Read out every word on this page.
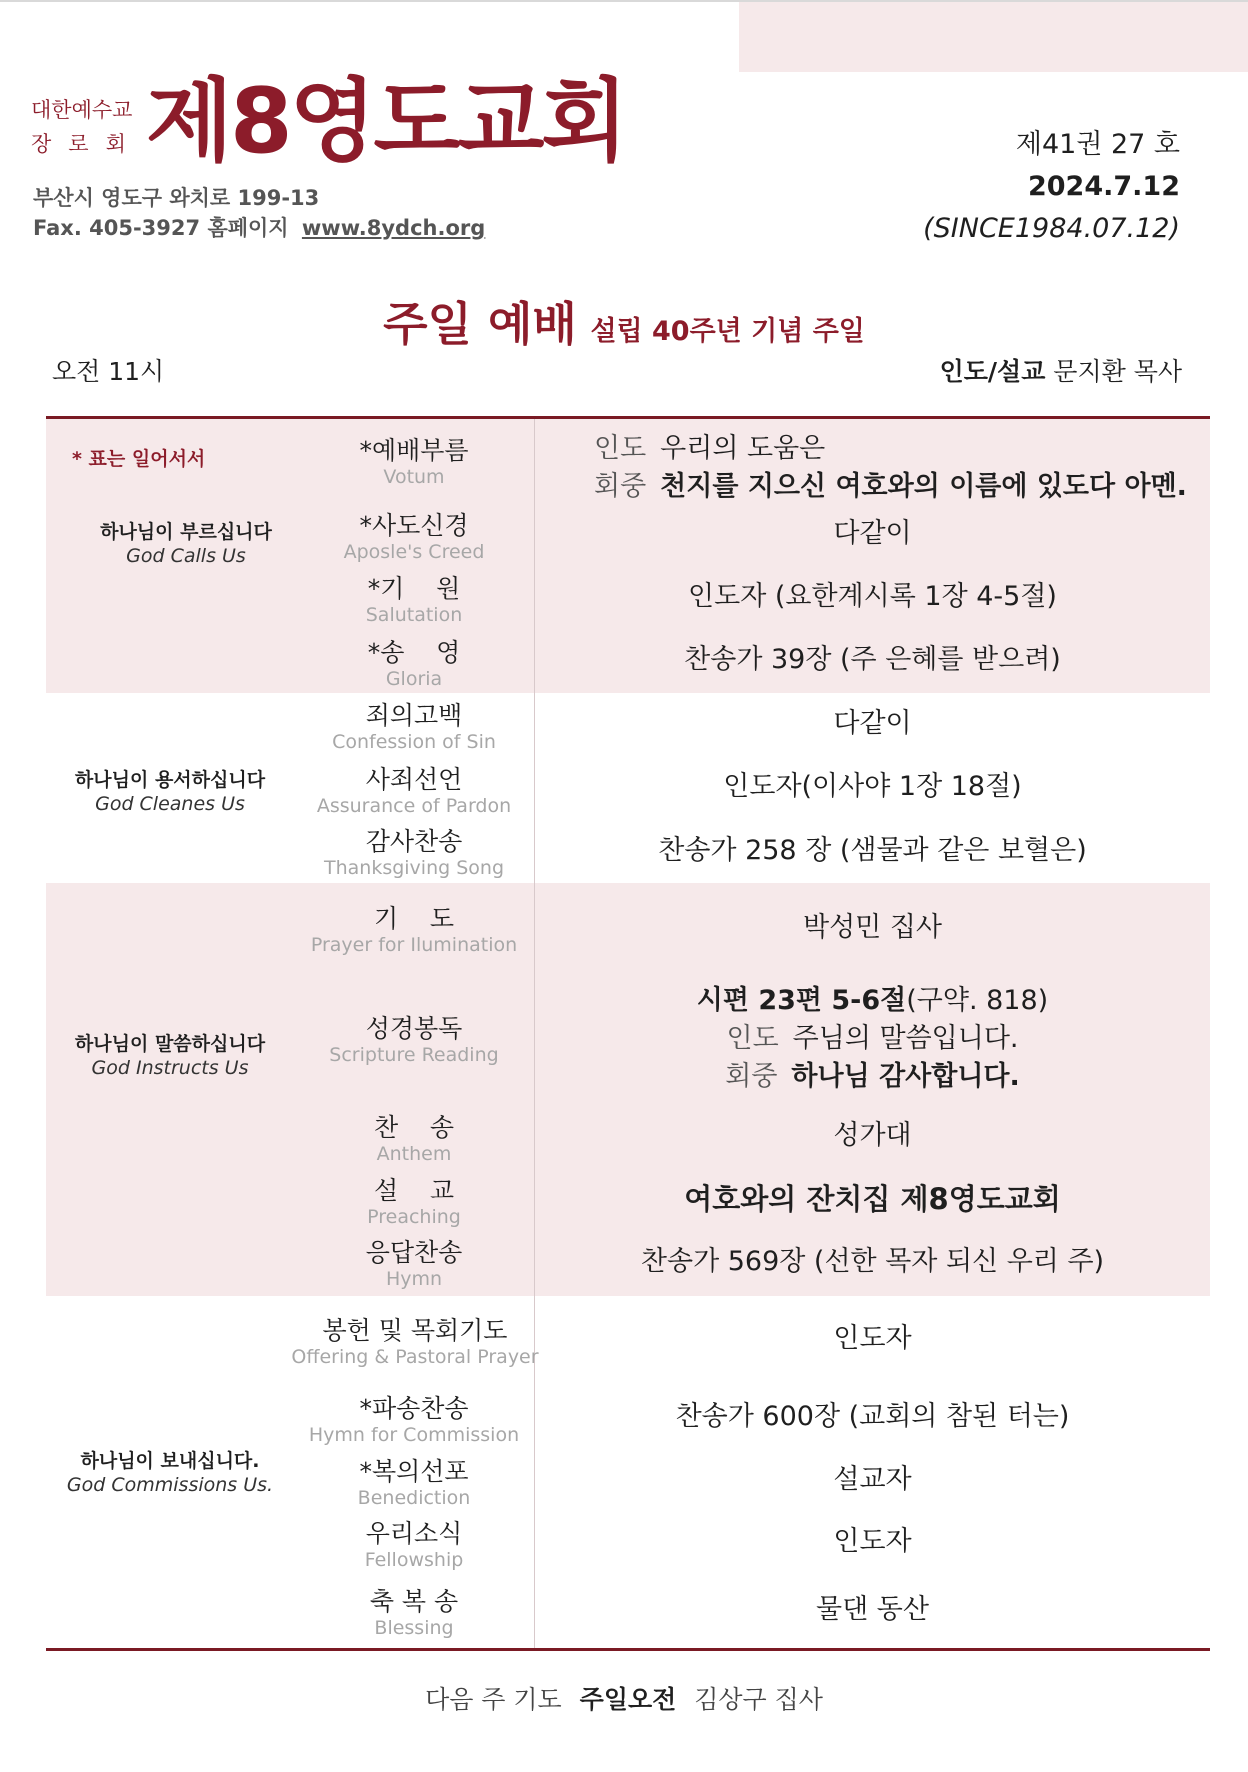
대한예수교
장로회 제8영도교회
부산시 영도구 와치로 199-13
Fax. 405-3927 홈페이지 www.8ydch.org
제41권 27 호
2024.7.12
(SINCE1984.07.12)
주일 예배 설립 40주년 기념 주일
오전 11시	인도/설교 문지환 목사
* 표는 일어서서
하나님이 부르십니다
God Calls Us
하나님이 용서하십니다
God Cleanes Us
하나님이 말씀하십니다
God Instructs Us
하나님이 보내십니다.
God Commissions Us.
*예배부름
Votum
*사도신경
Aposle's Creed
*기    원
Salutation
*송    영
Gloria
죄의고백
Confession of Sin
사죄선언
Assurance of Pardon
감사찬송
Thanksgiving Song
기    도
Prayer for Ilumination
성경봉독
Scripture Reading
찬    송
Anthem
설    교
Preaching
응답찬송
Hymn
봉헌 및 목회기도
Offering & Pastoral Prayer
*파송찬송
Hymn for Commission
*복의선포
Benediction
우리소식
Fellowship
축 복 송
Blessing
인도 우리의 도움은
회중 천지를 지으신 여호와의 이름에 있도다 아멘.
다같이
인도자 (요한계시록 1장 4-5절)
찬송가 39장 (주 은혜를 받으려)
다같이
인도자(이사야 1장 18절)
찬송가 258 장 (샘물과 같은 보혈은)
박성민 집사
시편 23편 5-6절(구약. 818)
인도 주님의 말씀입니다.
회중 하나님 감사합니다.
성가대
여호와의 잔치집 제8영도교회
찬송가 569장 (선한 목자 되신 우리 주)
인도자
찬송가 600장 (교회의 참된 터는)
설교자
인도자
물댄 동산
다음 주 기도 주일오전 김상구 집사
